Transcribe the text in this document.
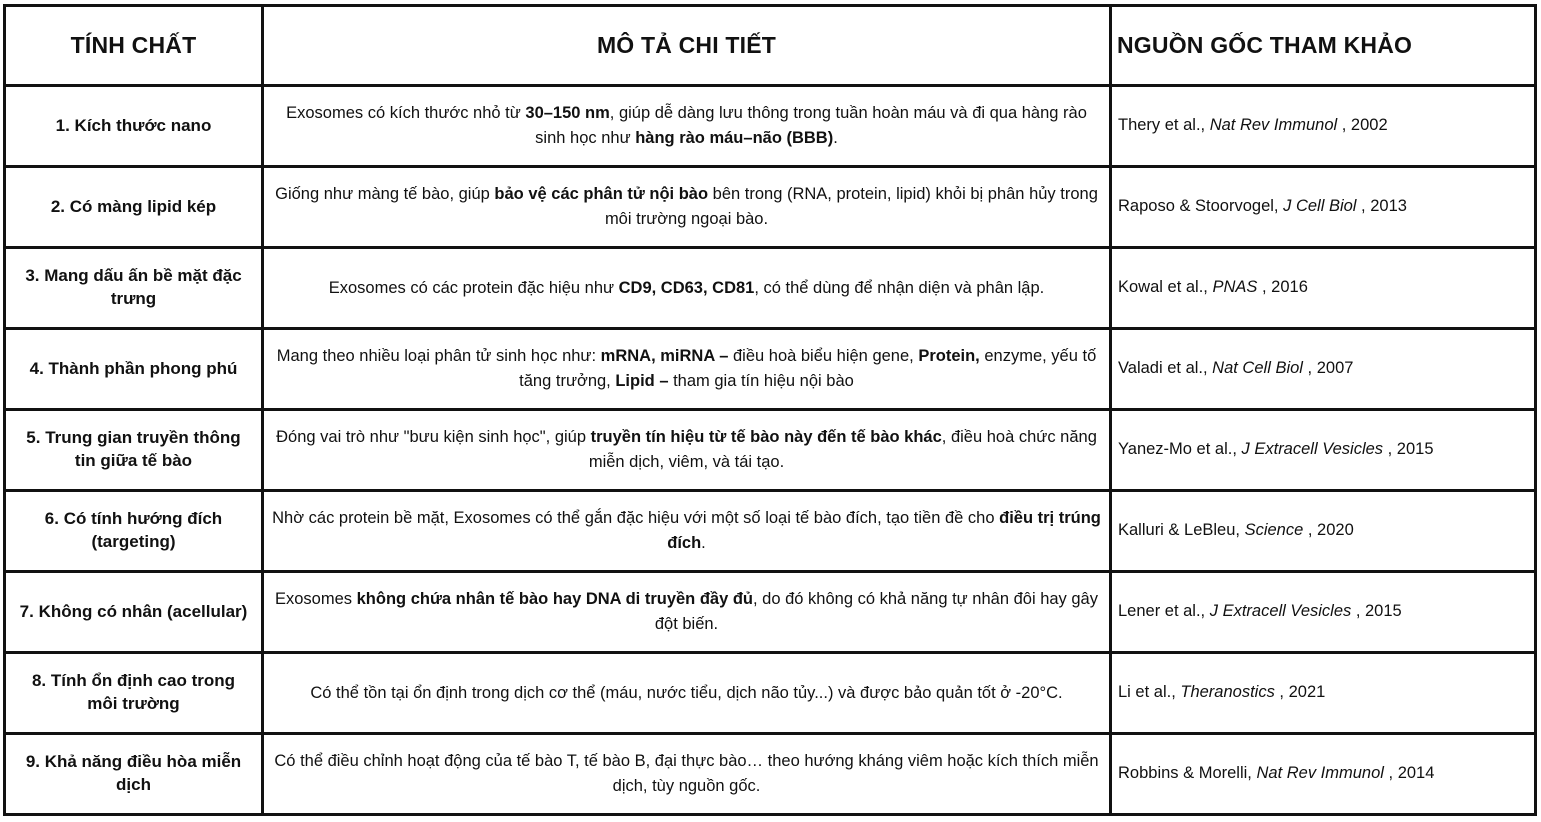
TÍNH CHẤT	MÔ TẢ CHI TIẾT	NGUỒN GỐC THAM KHẢO
1. Kích thước nano	Exosomes có kích thước nhỏ từ 30–150 nm, giúp dễ dàng lưu thông trong tuần hoàn máu và đi qua hàng rào sinh học như hàng rào máu–não (BBB).	Thery et al., Nat Rev Immunol , 2002
2. Có màng lipid kép	Giống như màng tế bào, giúp bảo vệ các phân tử nội bào bên trong (RNA, protein, lipid) khỏi bị phân hủy trong môi trường ngoại bào.	Raposo & Stoorvogel, J Cell Biol , 2013
3. Mang dấu ấn bề mặt đặc trưng	Exosomes có các protein đặc hiệu như CD9, CD63, CD81, có thể dùng để nhận diện và phân lập.	Kowal et al., PNAS , 2016
4. Thành phần phong phú	Mang theo nhiều loại phân tử sinh học như: mRNA, miRNA – điều hoà biểu hiện gene, Protein, enzyme, yếu tố tăng trưởng, Lipid – tham gia tín hiệu nội bào	Valadi et al., Nat Cell Biol , 2007
5. Trung gian truyền thông tin giữa tế bào	Đóng vai trò như "bưu kiện sinh học", giúp truyền tín hiệu từ tế bào này đến tế bào khác, điều hoà chức năng miễn dịch, viêm, và tái tạo.	Yanez-Mo et al., J Extracell Vesicles , 2015
6. Có tính hướng đích (targeting)	Nhờ các protein bề mặt, Exosomes có thể gắn đặc hiệu với một số loại tế bào đích, tạo tiền đề cho điều trị trúng đích.	Kalluri & LeBleu, Science , 2020
7. Không có nhân (acellular)	Exosomes không chứa nhân tế bào hay DNA di truyền đầy đủ, do đó không có khả năng tự nhân đôi hay gây đột biến.	Lener et al., J Extracell Vesicles , 2015
8. Tính ổn định cao trong môi trường	Có thể tồn tại ổn định trong dịch cơ thể (máu, nước tiểu, dịch não tủy...) và được bảo quản tốt ở -20°C.	Li et al., Theranostics , 2021
9. Khả năng điều hòa miễn dịch	Có thể điều chỉnh hoạt động của tế bào T, tế bào B, đại thực bào… theo hướng kháng viêm hoặc kích thích miễn dịch, tùy nguồn gốc.	Robbins & Morelli, Nat Rev Immunol , 2014
